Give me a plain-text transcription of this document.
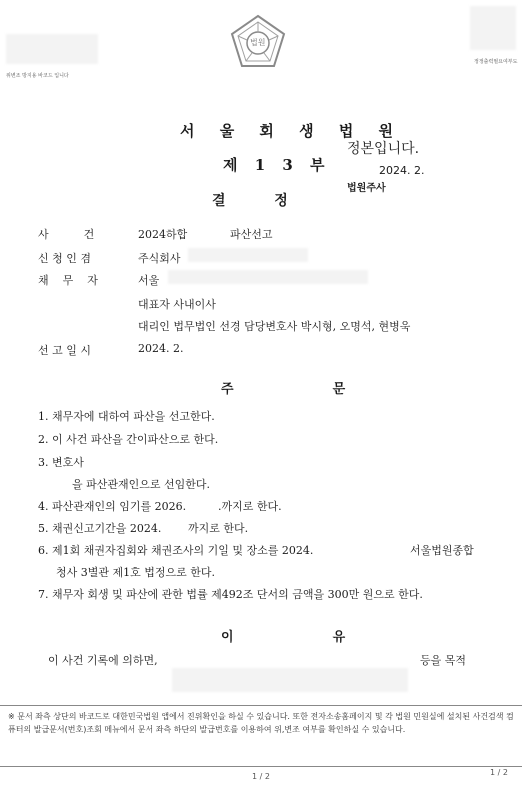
위변조 방지용 바코드 입니다
정정출력필요여부도
법원
서 울 회 생 법 원
제 1 3 부
정본입니다.
2024. 2.
법원주사
결          정
사          건	2024하합	파산선고
신 청 인 겸	주식회사
채    무    자	서울
대표자 사내이사
대리인 법무법인 선경 담당변호사 박시형, 오명석, 현병욱
선 고 일 시	2024. 2.
주  문
1. 채무자에 대하여 파산을 선고한다.
2. 이 사건 파산을 간이파산으로 한다.
3. 변호사
을 파산관재인으로 선임한다.
4. 파산관재인의 임기를 2026.	.까지로 한다.
5. 채권신고기간을 2024. 까지로 한다.
6. 제1회 채권자집회와 채권조사의 기일 및 장소를 2024.	서울법원종합
청사 3별관 제1호 법정으로 한다.
7. 채무자 회생 및 파산에 관한 법률 제492조 단서의 금액을 300만 원으로 한다.
이  유
이 사건 기록에 의하면,	등을 목적
※ 문서 좌측 상단의 바코드로 대한민국법원 앱에서 진위확인을 하실 수 있습니다. 또한 전자소송홈페이지 및 각 법원 민원실에 설치된 사건검색 컴퓨터의 발급문서(번호)조회 메뉴에서 문서 좌측 하단의 발급번호를 이용하여 위,변조 여부를 확인하실 수 있습니다.
1 / 2	1 / 2
